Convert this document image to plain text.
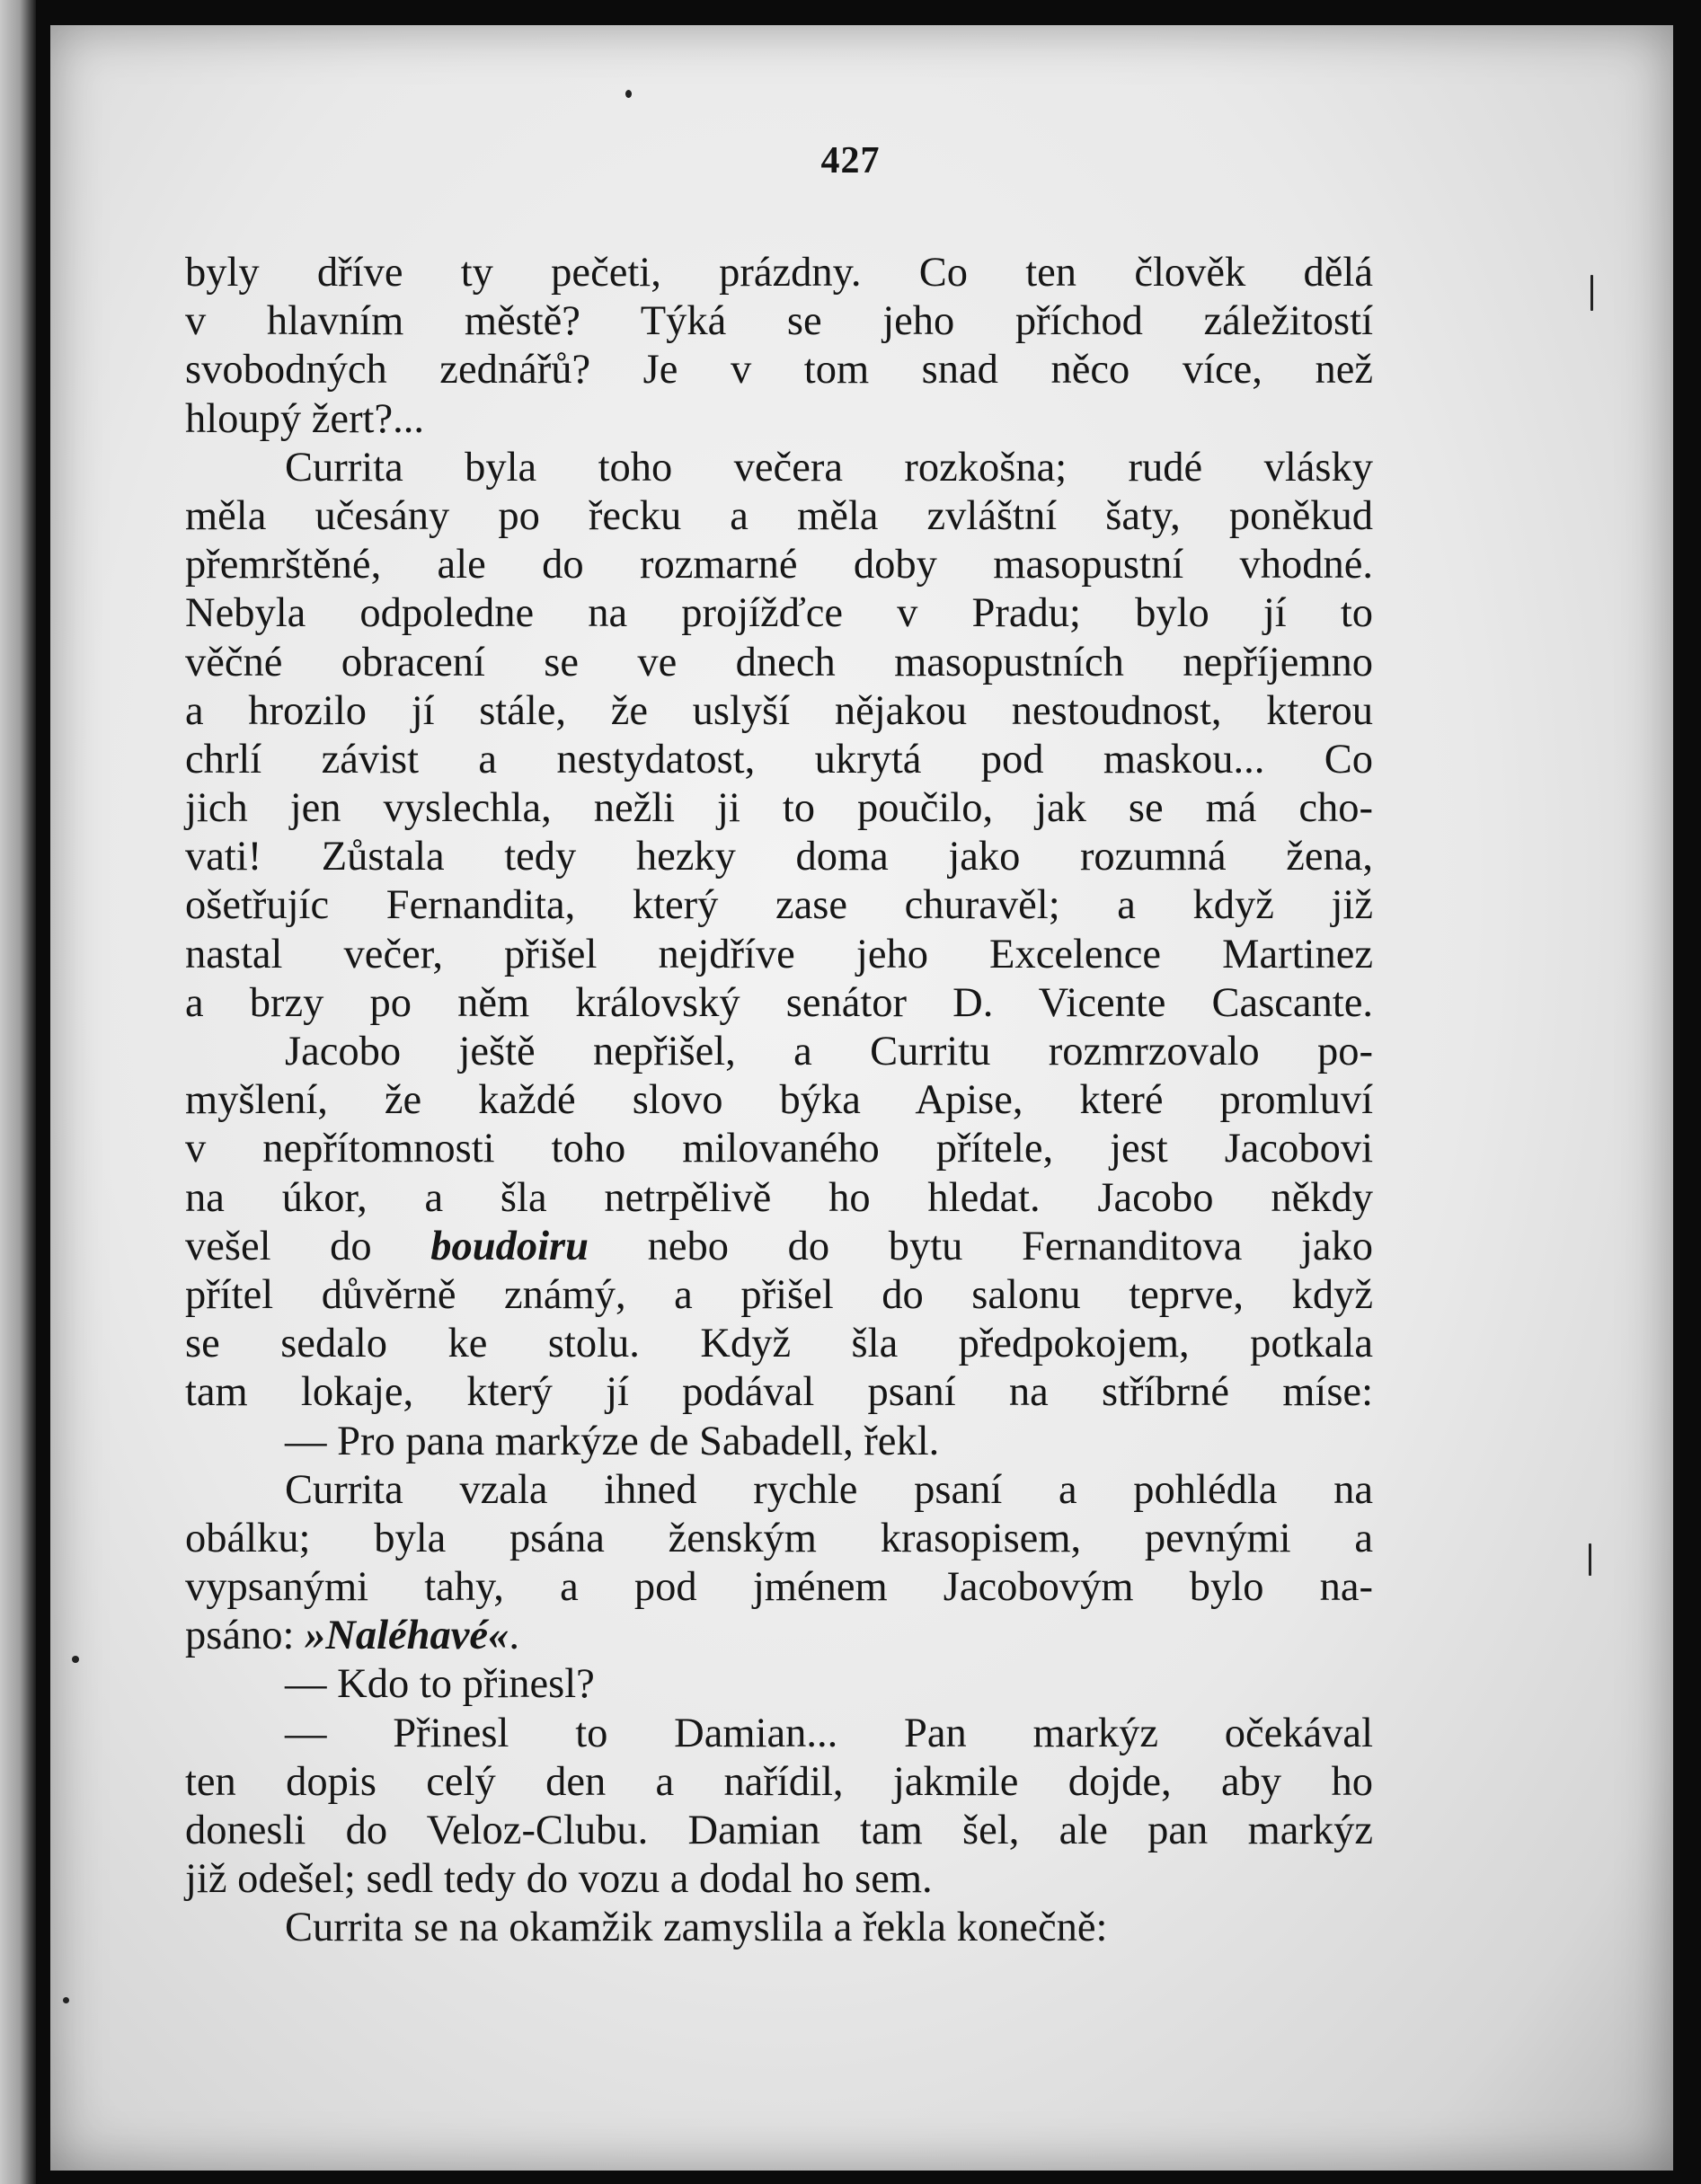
427
byly dříve ty pečeti, prázdny. Co ten člověk dělá
v hlavním městě? Týká se jeho příchod záležitostí
svobodných zednářů? Je v tom snad něco více, než
hloupý žert?...
Currita byla toho večera rozkošna; rudé vlásky
měla učesány po řecku a měla zvláštní šaty, poněkud
přemrštěné, ale do rozmarné doby masopustní vhodné.
Nebyla odpoledne na projížďce v Pradu; bylo jí to
věčné obracení se ve dnech masopustních nepříjemno
a hrozilo jí stále, že uslyší nějakou nestoudnost, kterou
chrlí závist a nestydatost, ukrytá pod maskou... Co
jich jen vyslechla, nežli ji to poučilo, jak se má cho-
vati! Zůstala tedy hezky doma jako rozumná žena,
ošetřujíc Fernandita, který zase churavěl; a když již
nastal večer, přišel nejdříve jeho Excelence Martinez
a brzy po něm královský senátor D. Vicente Cascante.
Jacobo ještě nepřišel, a Curritu rozmrzovalo po-
myšlení, že každé slovo býka Apise, které promluví
v nepřítomnosti toho milovaného přítele, jest Jacobovi
na úkor, a šla netrpělivě ho hledat. Jacobo někdy
vešel do boudoiru nebo do bytu Fernanditova jako
přítel důvěrně známý, a přišel do salonu teprve, když
se sedalo ke stolu. Když šla předpokojem, potkala
tam lokaje, který jí podával psaní na stříbrné míse:
— Pro pana markýze de Sabadell, řekl.
Currita vzala ihned rychle psaní a pohlédla na
obálku; byla psána ženským krasopisem, pevnými a
vypsanými tahy, a pod jménem Jacobovým bylo na-
psáno: »Naléhavé«.
— Kdo to přinesl?
— Přinesl to Damian... Pan markýz očekával
ten dopis celý den a nařídil, jakmile dojde, aby ho
donesli do Veloz-Clubu. Damian tam šel, ale pan markýz
již odešel; sedl tedy do vozu a dodal ho sem.
Currita se na okamžik zamyslila a řekla konečně:
